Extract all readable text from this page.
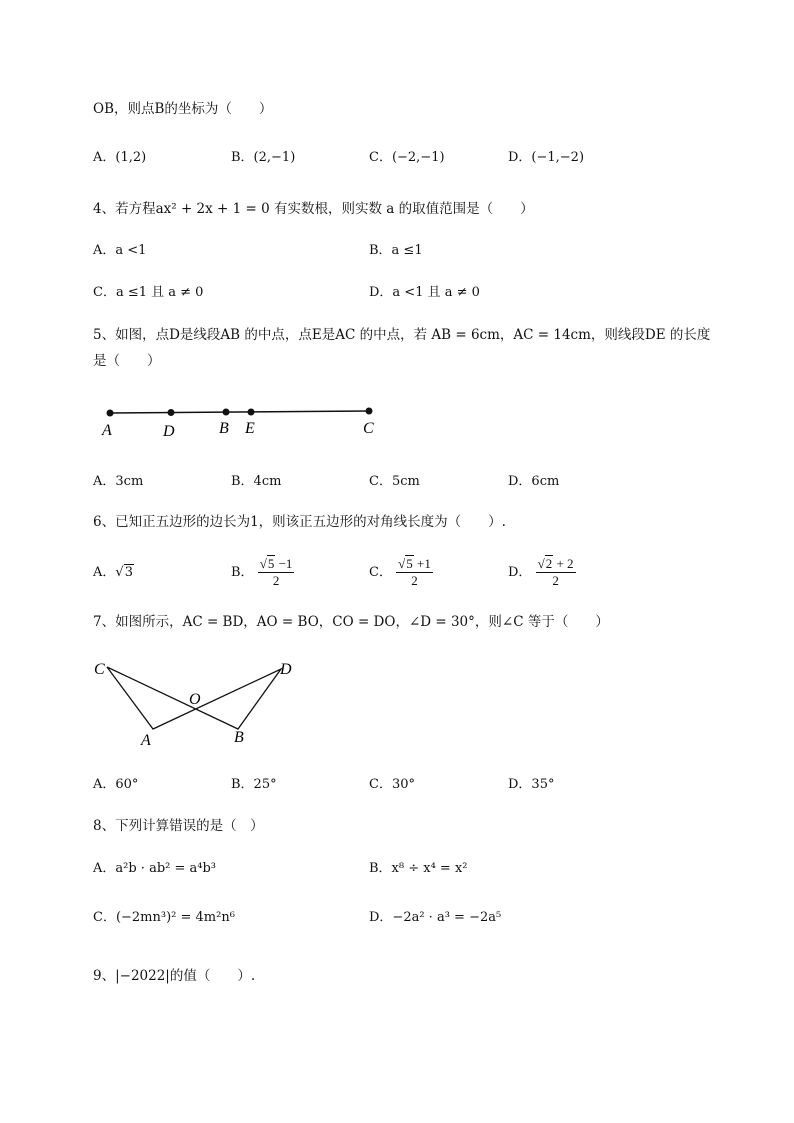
OB，则点B的坐标为（　　）
A．(1,2)	B．(2,−1)	C．(−2,−1)	D．(−1,−2)
4、若方程ax² + 2x + 1 = 0 有实数根，则实数 a 的取值范围是（　　）
A．a <1	B．a ≤1
C．a ≤1 且 a ≠ 0	D．a <1 且 a ≠ 0
5、如图，点D是线段AB 的中点，点E是AC 的中点，若 AB = 6cm，AC = 14cm，则线段DE 的长度
是（　　）
A	D	B E	C
A．3cm	B．4cm	C．5cm	D．6cm
6、已知正五边形的边长为1，则该正五边形的对角线长度为（　　）.
A．√3	B． $\frac{√5 -1}{2}$	C． $\frac{√5 +1}{2}$	D． $\frac{√2 + 2}{2}$
7、如图所示，AC = BD，AO = BO，CO = DO，∠D = 30°，则∠C 等于（　　）
C
O
D
A	B
A．60°	B．25°	C．30°	D．35°
8、下列计算错误的是（　）
A．a²b · ab² = a⁴b³	B．x⁸ ÷ x⁴ = x²
C．(−2mn³)² = 4m²n⁶	D．−2a² · a³ = −2a⁵
9、|−2022|的值（　　）.
